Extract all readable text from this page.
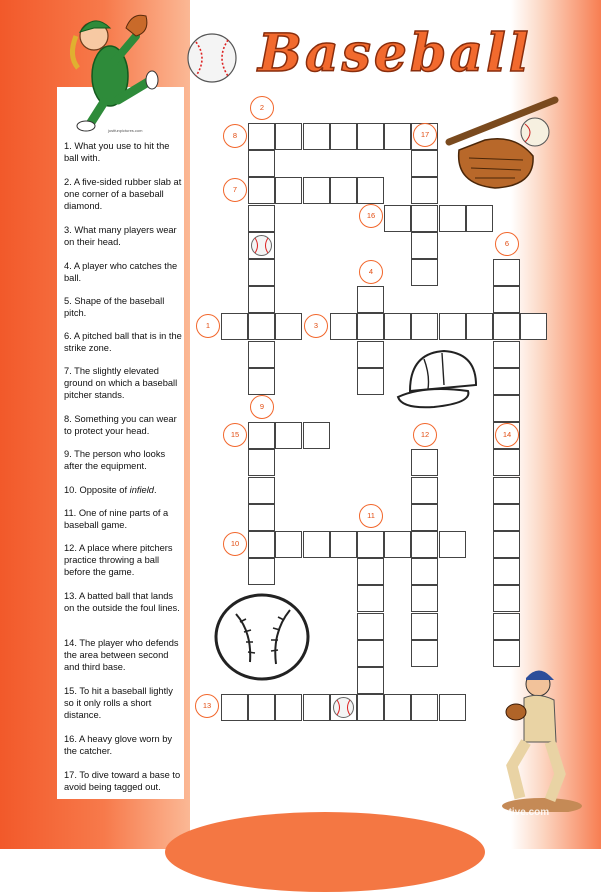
justfunpictures.com

Baseball

1. What you use to hit the ball with.

2. A five-sided rubber slab at one corner of a baseball diamond.

3. What many players wear on their head.

4. A player who catches the ball.

5. Shape of the baseball pitch.

6. A pitched ball that is in the strike zone.

7. The slightly elevated ground on which a baseball pitcher stands.

8. Something you can wear to protect your head.

9. The person who looks after the equipment.

10. Opposite of infield.

11. One of nine parts of a baseball game.

12. A place where pitchers practice throwing a ball before the game.

13. A batted ball that lands on the outside the foul lines.

14. The player who defends the area between second and third base.

15. To hit a baseball lightly so it only rolls a short distance.

16. A heavy glove worn by the catcher.

17. To dive toward a base to avoid being tagged out.

1
2
3
4
6
7
8
9
10
11
12
13
14
15
16
17

iSLCollective.com
